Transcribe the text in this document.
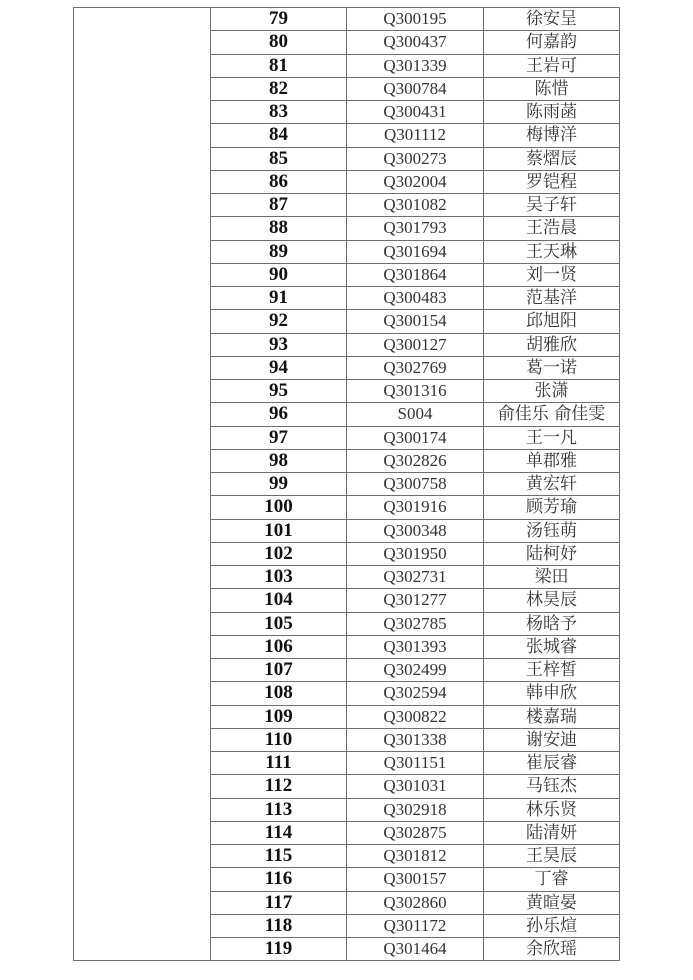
	79	Q300195	徐安呈
	80	Q300437	何嘉韵
	81	Q301339	王岩可
	82	Q300784	陈惜
	83	Q300431	陈雨菡
	84	Q301112	梅博洋
	85	Q300273	蔡熠辰
	86	Q302004	罗铠程
	87	Q301082	吴子轩
	88	Q301793	王浩晨
	89	Q301694	王天琳
	90	Q301864	刘一贤
	91	Q300483	范基洋
	92	Q300154	邱旭阳
	93	Q300127	胡雅欣
	94	Q302769	葛一诺
	95	Q301316	张潇
	96	S004	俞佳乐 俞佳雯
	97	Q300174	王一凡
	98	Q302826	单郡雅
	99	Q300758	黄宏轩
	100	Q301916	顾芳瑜
	101	Q300348	汤钰萌
	102	Q301950	陆柯妤
	103	Q302731	梁田
	104	Q301277	林昊辰
	105	Q302785	杨晗予
	106	Q301393	张城睿
	107	Q302499	王梓皙
	108	Q302594	韩申欣
	109	Q300822	楼嘉瑞
	110	Q301338	谢安迪
	111	Q301151	崔辰睿
	112	Q301031	马钰杰
	113	Q302918	林乐贤
	114	Q302875	陆清妍
	115	Q301812	王昊辰
	116	Q300157	丁睿
	117	Q302860	黄暄晏
	118	Q301172	孙乐煊
	119	Q301464	余欣瑶
